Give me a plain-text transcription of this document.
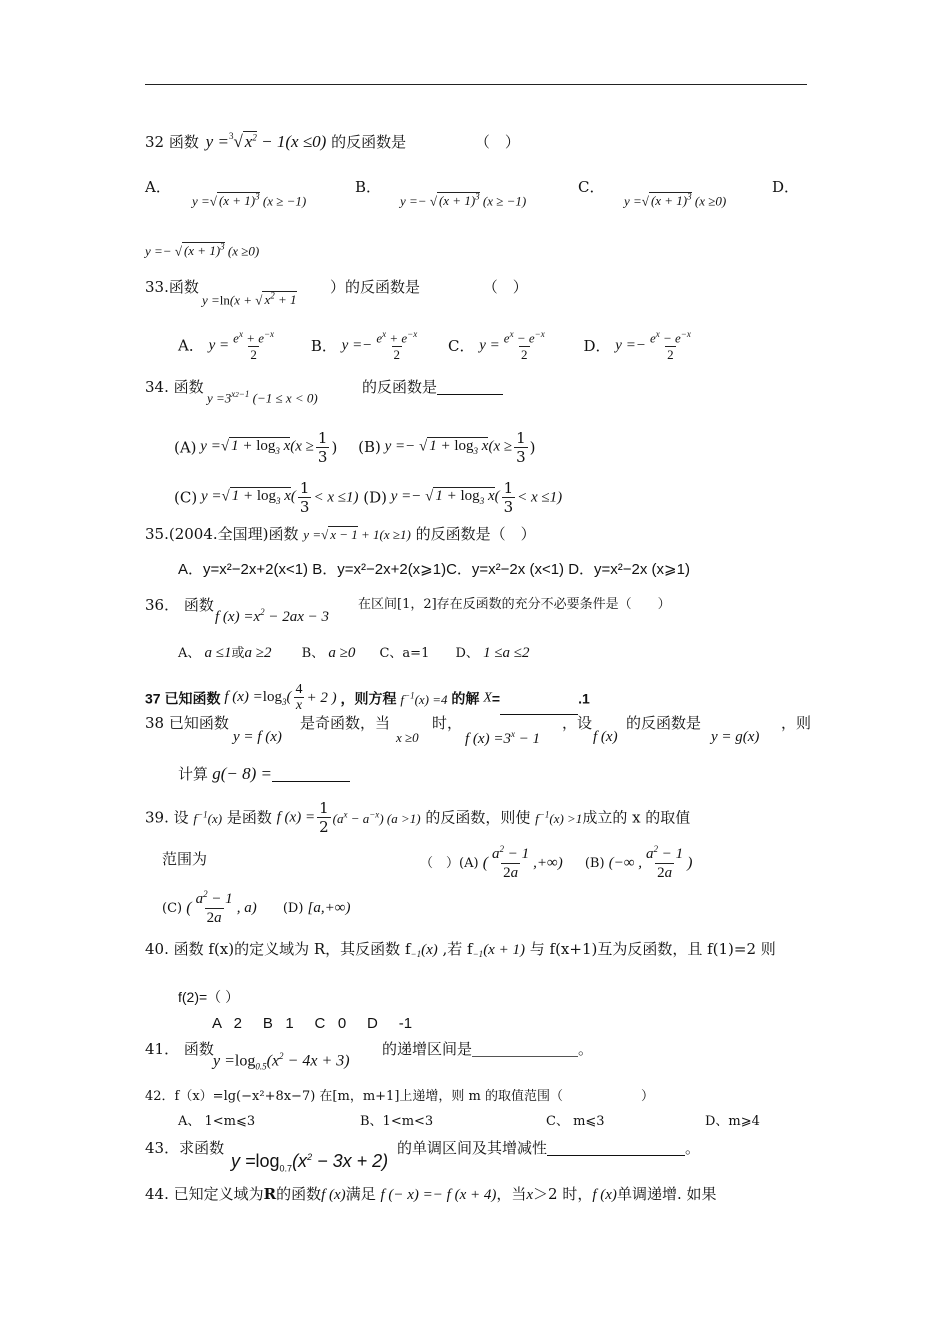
32 函数 y =$^3$√ $x^2 - 1(x \le 0)$ 的反函数是	（　）
A．
y =√ $(x + 1)^3$ (x ≥ −1)
B．
y =− √ $(x + 1)^3$ (x ≥ −1)
C．
y =√ $(x + 1)^3$ (x ≥0)
D．
y =− √ $(x + 1)^3$ (x ≥0)
33.函数
y =ln(x + √ $x^2 + 1$
）的反函数是	（　）
A． $y = \frac{e^x + e^{-x}}{2}$ B． $y =- \frac{e^x + e^{-x}}{2}$ C． $y = \frac{e^x - e^{-x}}{2}$ D． $y =- \frac{e^x - e^{-x}}{2}$
34. 函数
$y =3^{x2-1}$ (−1 ≤ x < 0)
的反函数是
(A) y =√ $1 + \log_3 x(x \ge \frac{1}{3}$ ) (B) y =− √ $1 + \log_3 x(x \ge \frac{1}{3}$ )
(C) y =√ $1 + \log_3 x( \frac{1}{3} < x \le 1)$ (D) y =− √ $1 + \log_3 x( \frac{1}{3} < x \le 1)$
35.(2004.全国理)函数 y =√ x − 1 + 1(x ≥1) 的反函数是（　）
A．y=x²−2x+2(x<1) B．y=x²−2x+2(x⩾1)C．y=x²−2x (x<1) D．y=x²−2x (x⩾1)
36． 函数
f $(x) =x^2 - 2ax - 3$
在区间[1，2]存在反函数的充分不必要条件是（　　）
A、 a ≤1或a ≥2 B、 a ≥0 C、a=1 D、 1 ≤a ≤2
37 已知函数 f $(x) =\log_3( \frac{4}{x} + 2$ ) ，则方程 $f^{-1}(x) =4$ 的解 X=	.1
38 已知函数
y = f (x)
是奇函数，当
x ≥0
时，
f $(x) =3^x - 1$
，设
f (x)
的反函数是
y = g(x)
，则
计算 g(− 8) =
39. 设 $f^{-1}(x)$ 是函数 f $(x) = \frac{1}{2} (a^x - a^{-x})$ (a >1) 的反函数，则使 $f^{-1}(x) >1$成立的 x 的取值
范围为	（　）(A) ( $\frac{a^2 - 1}{2a}$ ,+∞) (B) (−∞ , $\frac{a^2 - 1}{2a}$ )
(C) ( $\frac{a^2 - 1}{2a}$ , a) (D) [a,+∞)
40. 函数 f(x)的定义域为 R，其反函数 $f_{-1}(x)$ ,若 $f_{-1}(x + 1)$ 与 f(x+1)互为反函数，且 f(1)=2 则
f(2)=（ ）
A   2     B   1     C   0     D     -1
41． 函数
$y =\log_{0.5}(x^2 - 4x + 3)$
的递增区间是	。
42．f（x）=lg(−x²+8x−7) 在[m，m+1]上递增，则 m 的取值范围（　　　　　　）
A、 1<m⩽3	B、1<m<3	C、 m⩽3	D、m⩾4
43．求函数
$y =\log_{0.7}(x^2 - 3x + 2)$
的单调区间及其增减性	。
44. 已知定义域为R的函数f (x)满足 f (− x) =− f (x + 4)，当x＞2 时，f (x)单调递增. 如果
